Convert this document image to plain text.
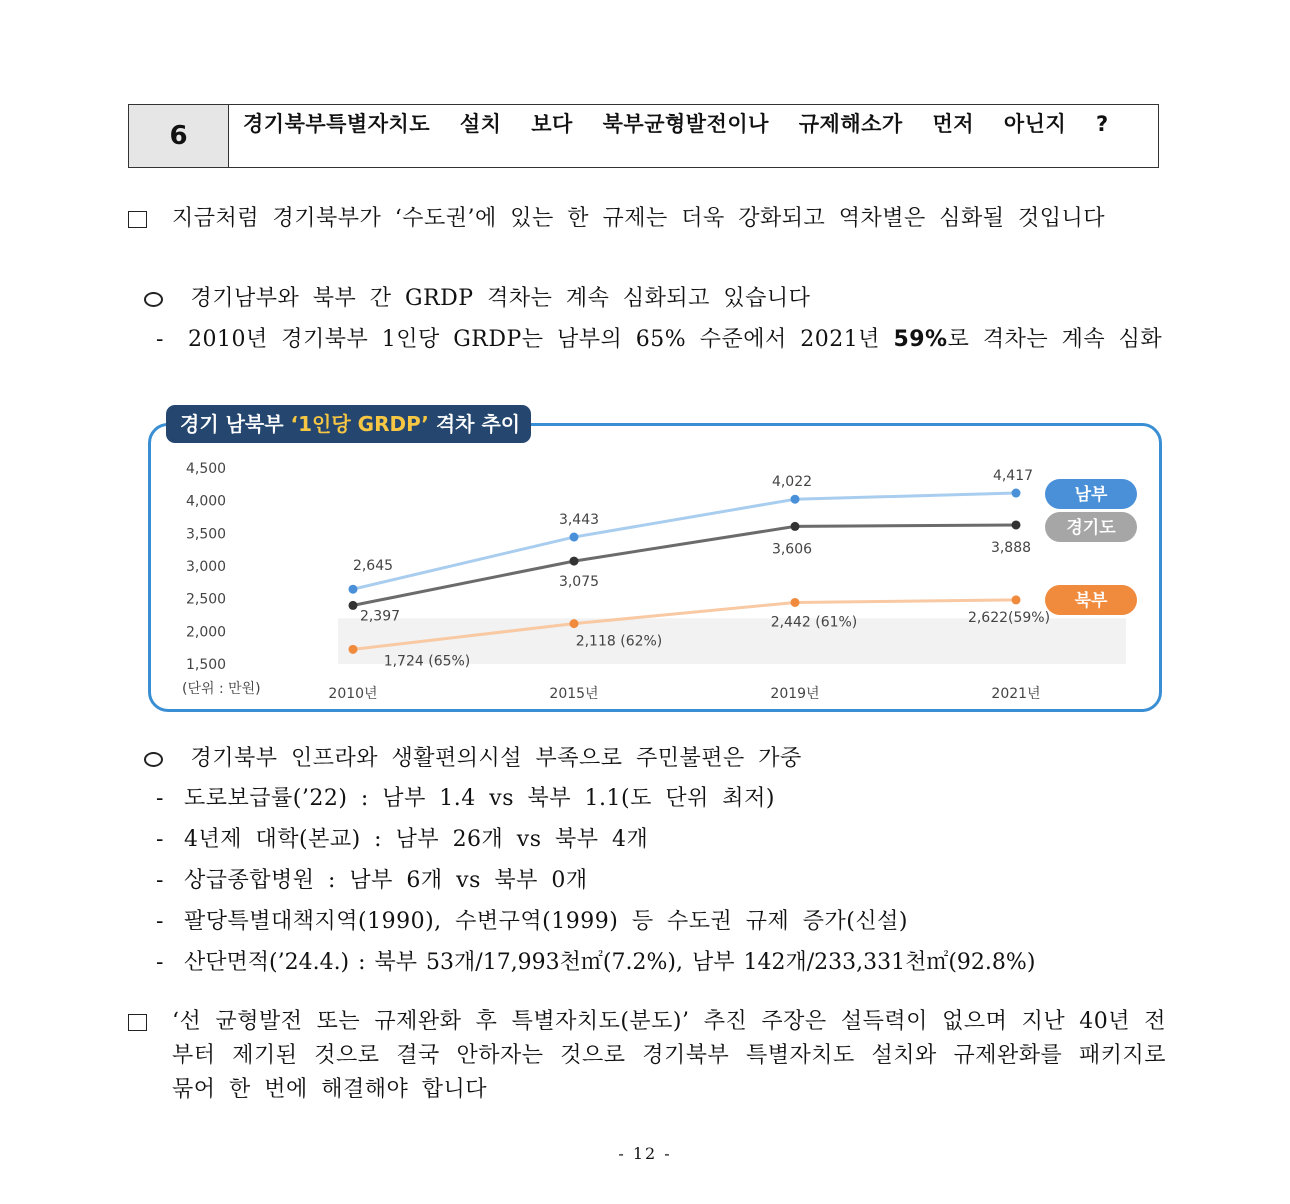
6	경기북부특별자치도 설치 보다 북부균형발전이나 규제해소가 먼저 아닌지 ?
지금처럼 경기북부가 ‘수도권’에 있는 한 규제는 더욱 강화되고 역차별은 심화될 것입니다
경기남부와 북부 간 GRDP 격차는 계속 심화되고 있습니다
-	2010년 경기북부 1인당 GRDP는 남부의 65% 수준에서 2021년 59%로 격차는 계속 심화
경기 남북부 ‘1인당 GRDP’ 격차 추이
4,500
4,000
3,500
3,000
2,500
2,000
1,500
(단위 : 만원)	2010년	2015년	2019년	2021년
2,645
3,443
4,022	4,417
2,397
3,075
3,606	3,888
1,724 (65%)
2,118 (62%)
2,442 (61%)	2,622(59%)
남부
경기도
북부
경기북부 인프라와 생활편의시설 부족으로 주민불편은 가중
- 도로보급률(’22) : 남부 1.4 vs 북부 1.1(도 단위 최저)
- 4년제 대학(본교) : 남부 26개 vs 북부 4개
- 상급종합병원 : 남부 6개 vs 북부 0개
- 팔당특별대책지역(1990), 수변구역(1999) 등 수도권 규제 증가(신설)
- 산단면적(’24.4.) : 북부 53개/17,993천㎡(7.2%), 남부 142개/233,331천㎡(92.8%)
‘선 균형발전 또는 규제완화 후 특별자치도(분도)’ 추진 주장은 설득력이 없으며 지난 40년 전부터 제기된 것으로 결국 안하자는 것으로 경기북부 특별자치도 설치와 규제완화를 패키지로 묶어 한 번에 해결해야 합니다
- 12 -
